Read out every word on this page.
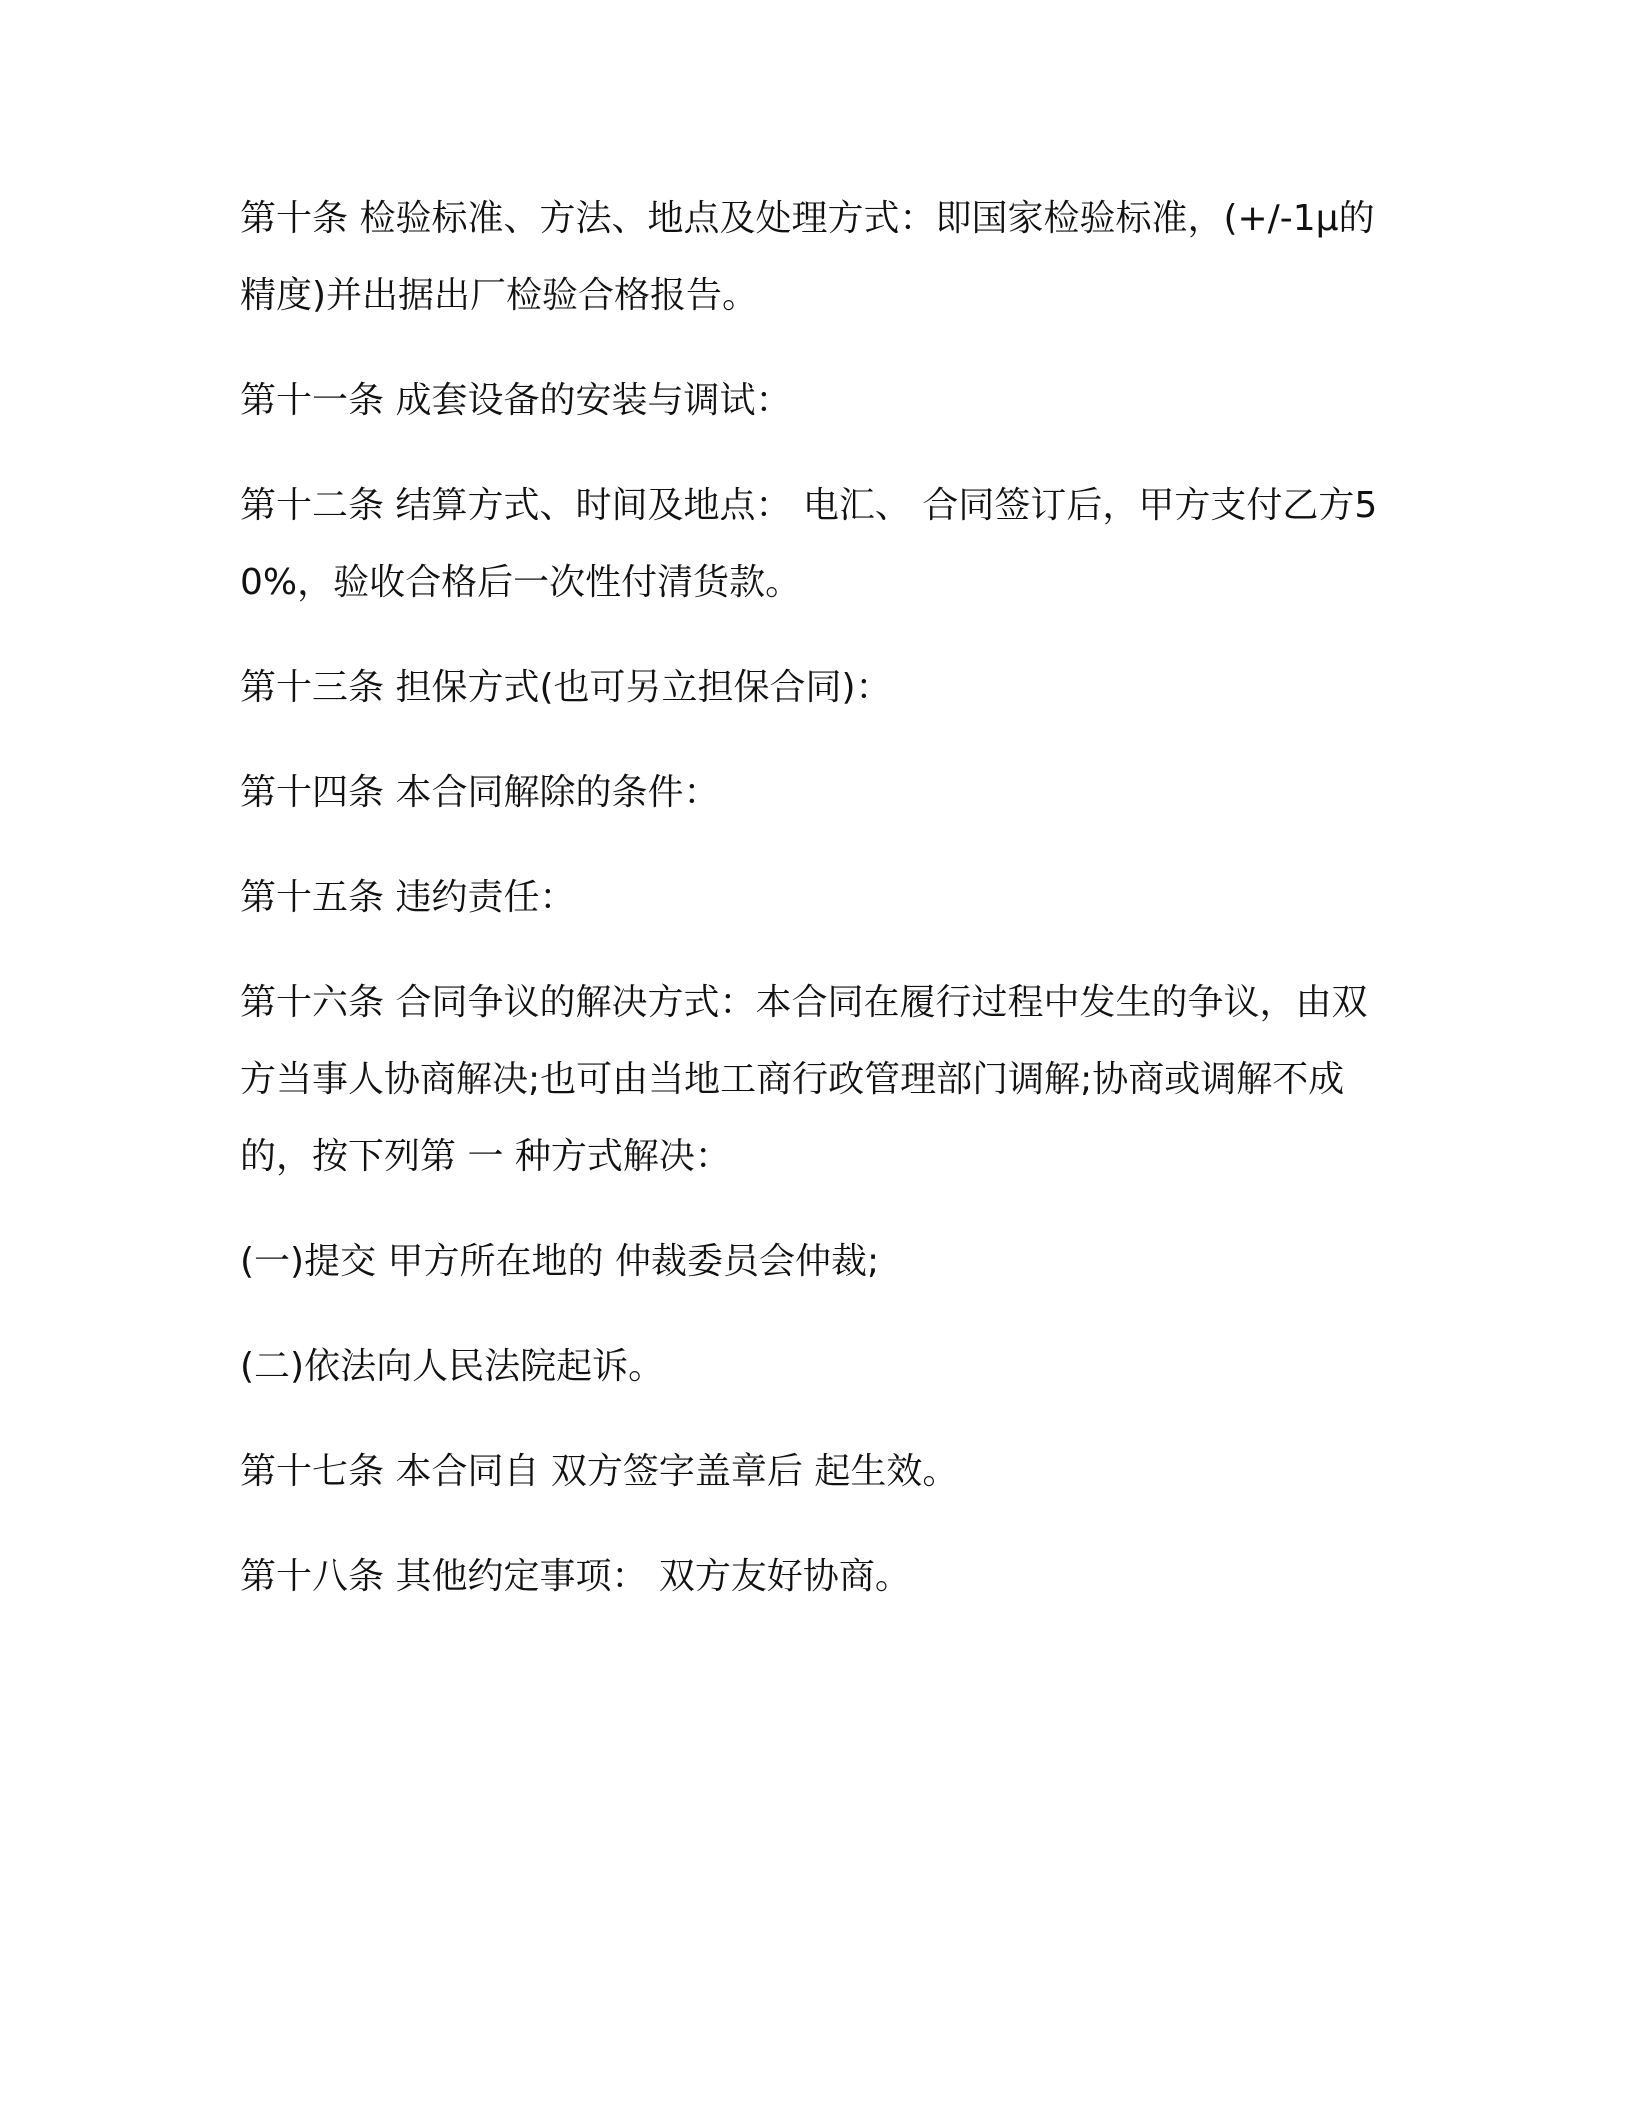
第十条 检验标准、方法、地点及处理方式：即国家检验标准，(+/-1μ的精度)并出据出厂检验合格报告。

第十一条 成套设备的安装与调试：

第十二条 结算方式、时间及地点： 电汇、 合同签订后，甲方支付乙方50%，验收合格后一次性付清货款。

第十三条 担保方式(也可另立担保合同)：

第十四条 本合同解除的条件：

第十五条 违约责任：

第十六条 合同争议的解决方式：本合同在履行过程中发生的争议，由双方当事人协商解决;也可由当地工商行政管理部门调解;协商或调解不成的，按下列第 一 种方式解决：

(一)提交 甲方所在地的 仲裁委员会仲裁;

(二)依法向人民法院起诉。

第十七条 本合同自 双方签字盖章后 起生效。

第十八条 其他约定事项： 双方友好协商。
